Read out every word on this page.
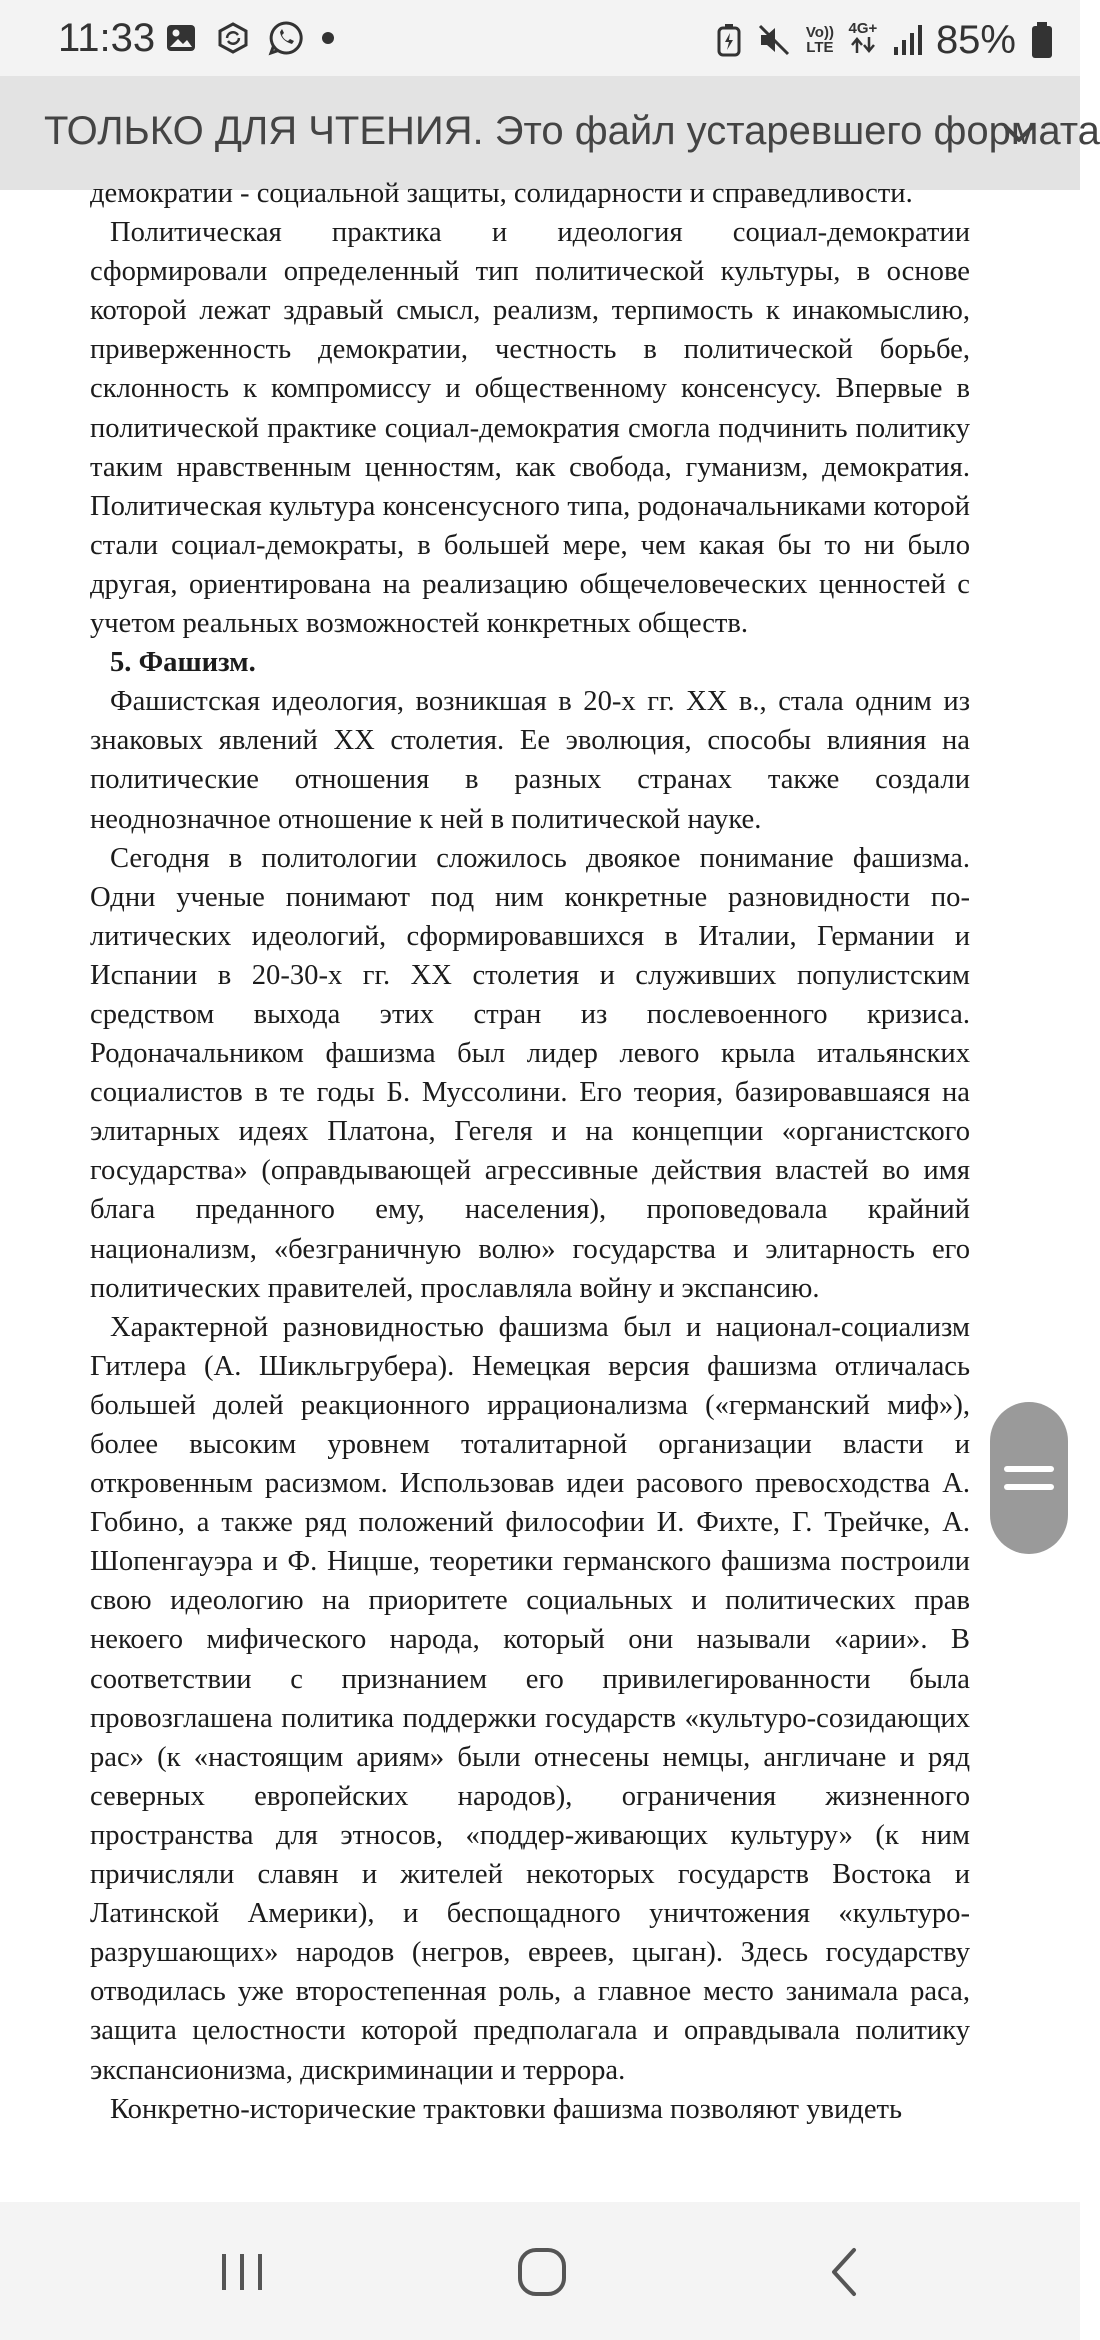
11:33	Vo))
LTE
4G+ 85%
ТОЛЬКО ДЛЯ ЧТЕНИЯ. Это файл устаревшего формата

демократии - социальной защиты, солидарности и справедливости.

Политическая практика и идеология социал-демократии сформировали определенный тип политической культуры, в основе которой лежат здравый смысл, реализм, терпимость к инакомыслию, приверженность демократии, честность в политической борьбе, склонность к компромиссу и общественному консенсусу. Впервые в политической практике социал-демократия смогла подчинить политику таким нравственным ценностям, как свобода, гуманизм, демократия. Политическая культура консенсусного типа, родоначальниками которой стали социал-демократы, в большей мере, чем какая бы то ни было другая, ориентирована на реализацию общечеловеческих ценностей с учетом реальных возможностей конкретных обществ.

5. Фашизм.

Фашистская идеология, возникшая в 20-х гг. XX в., стала одним из знаковых явлений XX столетия. Ее эволюция, способы влияния на политические отношения в разных странах также создали неоднозначное отношение к ней в политической науке.

Сегодня в политологии сложилось двоякое понимание фашизма. Одни ученые понимают под ним конкретные разновидности по-литических идеологий, сформировавшихся в Италии, Германии и Испании в 20-30-х гг. XX столетия и служивших популистским средством выхода этих стран из послевоенного кризиса. Родоначальником фашизма был лидер левого крыла итальянских социалистов в те годы Б. Муссолини. Его теория, базировавшаяся на элитарных идеях Платона, Гегеля и на концепции «органистского государства» (оправдывающей агрессивные действия властей во имя блага преданного ему, населения), проповедовала крайний национализм, «безграничную волю» государства и элитарность его политических правителей, прославляла войну и экспансию.

Характерной разновидностью фашизма был и национал-социализм Гитлера (А. Шикльгрубера). Немецкая версия фашизма отличалась большей долей реакционного иррационализма («германский миф»), более высоким уровнем тоталитарной организации власти и откровенным расизмом. Использовав идеи расового превосходства А. Гобино, а также ряд положений философии И. Фихте, Г. Трейчке, А. Шопенгауэра и Ф. Ницше, теоретики германского фашизма построили свою идеологию на приоритете социальных и политических прав некоего мифического народа, который они называли «арии». В соответствии с признанием его привилегированности была провозглашена политика поддержки государств «культуро-созидающих рас» (к «настоящим ариям» были отнесены немцы, англичане и ряд северных европейских народов), ограничения жизненного пространства для этносов, «поддер-живающих культуру» (к ним причисляли славян и жителей некоторых государств Востока и Латинской Америки), и беспощадного уничтожения «культуро-разрушающих» народов (негров, евреев, цыган). Здесь государству отводилась уже второстепенная роль, а главное место занимала раса, защита целостности которой предполагала и оправдывала политику экспансионизма, дискриминации и террора.

Конкретно-исторические трактовки фашизма позволяют увидеть
